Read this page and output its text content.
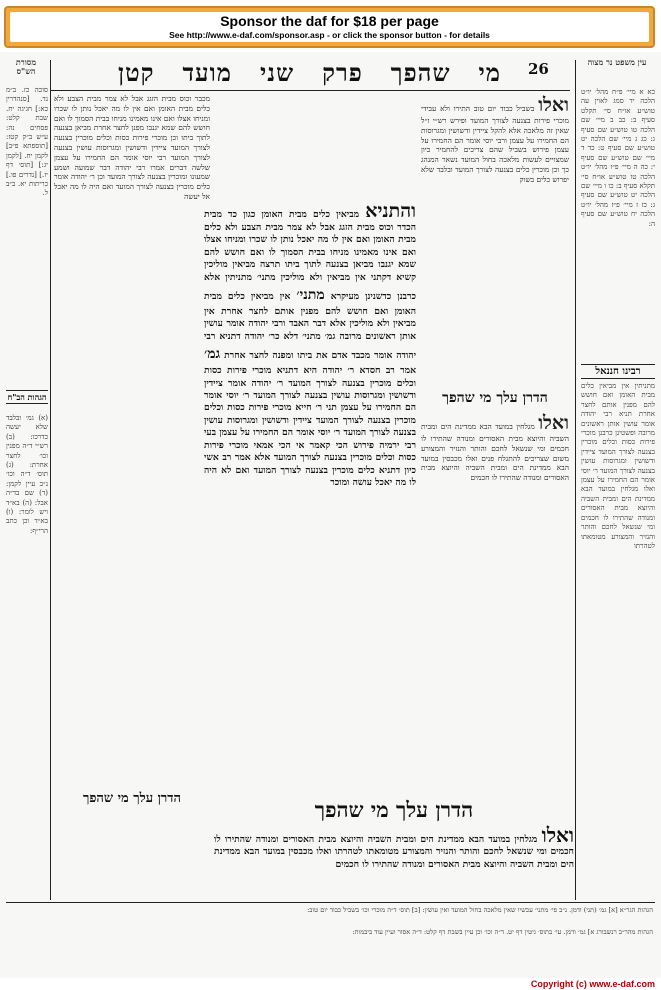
Sponsor the daf for $18 per page
See http://www.e-daf.com/sponsor.asp - or click the sponsor button - for details
26
מי
שהפך
פרק
שני
מועד
קטן	עין משפט נר מצוה
מסורת הש"ס
כא א מיי׳ פ״ח מהל׳ יו״ט הלכה יד סמג לאוין עה טוש״ע או״ח סי׳ תקלט סעיף ב: כב ב מיי׳ שם הלכה טו טוש״ע שם סעיף ג: כג ג מיי׳ שם הלכה יט טוש״ע שם סעיף ט: כד ד מיי׳ שם טוש״ע שם סעיף י: כה ה מיי׳ פ״ז מהל׳ יו״ט הלכה טז טוש״ע או״ח סי׳ תקלא סעיף ב: כו ו מיי׳ שם הלכה יט טוש״ע שם סעיף ג: כז ז מיי׳ פ״ז מהל׳ יו״ט הלכה יח טוש״ע שם סעיף ה:
רבינו חננאל
מתניתין אין מביאין כלים מבית האומן ואם חושש להם מפנין אותם לחצר אחרת תניא רבי יהודה אומר עושין אותן ראשונים מרובה ופשטינן כרבנן מוכרי פירות כסות וכלים מוכרין בצנעה לצורך המועד ציידין ודשושין ומגרוסות עושין בצנעה לצורך המועד ר׳ יוסי אומר הם החמירו על עצמן ואלו מגלחין במועד הבא ממדינת הים ומבית השביה והיוצא מבית האסורים ומנודה שהתירו לו חכמים ומי שנשאל לחכם והותר והנזיר והמצורע מטומאתו לטהרתו
סוכה כז. ב״מ נד. [סנהדרין כא:] חגיגה יח. שבת קלט: פסחים נה: ע״ש ב״ק קטז: [תוספתא פ״ב] לקמן יח. [לקמן יג:] [תוס׳ דף יז.] [נדרים פו.] כריתות יא. ב״ב ל.
הגהות הב"ח
(א) גמ׳ ובלבד שלא יעשה כדרכו: (ב) רש״י ד״ה מפנין וכו׳ לחצר אחרת: (ג) תוס׳ ד״ה וכו׳ נ״ב עיין לקמן: (ד) שם בד״ה אבל: (ה) בא״ד ויש לומר: (ו) בא״ד וכן כתב הרי״ף:
ואלו בשביל כבוד יום טוב התירו ולא עבידי מוכרי פירות בצנעה לצורך המועד ופירש רש״י ז״ל שאין זה מלאכה אלא להקל ציידין ודשושין ומגרוסות הם החמירו על עצמן ורבי יוסי אומר הם החמירו על עצמן פירוש בשביל שהם צריכים להחמיר כיון שמצויים לעשות מלאכה בחול המועד נשאר המנהג כך וכן מוכרין כלים בצנעה לצורך המועד ובלבד שלא יפרוש כלים בשוק
מכבר וכוס מבית הזגג אבל לא צמר מבית הצבע ולא כלים מבית האומן ואם אין לו מה יאכל נותן לו שכרו ומניחו אצלו ואם אינו מאמינו מניחו בבית הסמוך לו ואם חושש להם שמא יגנבו מפנן לחצר אחרת מביאן בצנעה לתוך ביתו וכן מוכרי פירות כסות וכלים מוכרין בצנעה לצורך המועד ציידין ודשושין ומגרוסות עושין בצנעה לצורך המועד רבי יוסי אומר הם החמירו על עצמן שלשה דברים אמרו רבי יהודה דבר שמועה ושמע שמעונו ומוכרין בצנעה לצורך המועד וכן ר׳ יהודה אומר כלים מוכרין בצנעה לצורך המועד ואם היה לו מה יאכל אל יעשה
והתניא מביאין כלים מבית האומן כגון כד מבית הכדר וכוס מבית הזגג אבל לא צמר מבית הצבע ולא כלים מבית האומן ואם אין לו מה יאכל נותן לו שכרו ומניחו אצלו ואם אינו מאמינו מניחו בבית הסמוך לו ואם חושש להם שמא יגנבו מביאן בצנעה לתוך ביתו תרצה מביאין מוליכין קשיא דקתני אין מביאין ולא מוליכין מתני׳ מתניתין אלא כרבנן כדשנינן מעיקרא מתני׳ אין מביאין כלים מבית האומן ואם חושש להם מפנין אותם לחצר אחרת אין מביאין ולא מוליכין אלא דבר האבד ורבי יהודה אומר עושין אותן ראשונים מרובה גמ׳ מתני׳ דלא כר׳ יהודה דתניא רבי יהודה אומר מכבד אדם את ביתו ומפנה לחצר אחרת גמ׳ אמר רב חסדא ר׳ יהודה היא דתניא מוכרי פירות כסות וכלים מוכרין בצנעה לצורך המועד ר׳ יהודה אומר ציידין ודשושין ומגרוסות עושין בצנעה לצורך המועד ר׳ יוסי אומר הם החמירו על עצמן תני ר׳ חייא מוכרי פירות כסות וכלים מוכרין בצנעה לצורך המועד ציידין ודשושין ומגרוסות עושין בצנעה לצורך המועד ר׳ יוסי אומר הם החמירו על עצמן בעי רבי ירמיה פירוש הכי קאמר אי הכי אמאי מוכרי פירות כסות וכלים מוכרין בצנעה לצורך המועד אלא אמר רב אשי כיון דתניא כלים מוכרין בצנעה לצורך המועד ואם לא היה לו מה יאכל עושה ומוכר
הדרן עלך מי שהפך
ואלו מגלחין במועד הבא ממדינת הים ומבית השביה והיוצא מבית האסורים ומנודה שהתירו לו חכמים ומי שנשאל לחכם והותר והנזיר והמצורע משום שצריכים להתגלח פנים ואלו מכבסין במועד הבא ממדינת הים ומבית השביה והיוצא מבית האסורים ומנודה שהתירו לו חכמים
הדרן עלך מי שהפך	הדרן עלך מי שהפך
ואלו מגלחין במועד הבא ממדינת הים ומבית השביה והיוצא מבית האסורים ומנודה שהתירו לו חכמים ומי שנשאל לחכם והותר והנזיר והמצורע מטומאתו לטהרתו ואלו מכבסין במועד הבא ממדינת הים ומבית השביה והיוצא מבית האסורים ומנודה שהתירו לו חכמים
הגהות הגר״א [א] גמ׳ (תני) ודמן. נ״ב פי׳ מתני׳ עכשיו שאין מלאכה בחול המועד ואין עושין: [ב] תוס׳ ד״ה מוכרי וכו׳ בשביל כבוד יום טוב:
הגהות מהר״ב רנשבורג א] גמ׳ ודמן. עי׳ בתוס׳ גיטין דף יט. ד״ה וכו׳ וכן עיין בשבת דף קלט: ד״ה אסור ועיין עוד ביבמות:
Copyright (c) www.e-daf.com
